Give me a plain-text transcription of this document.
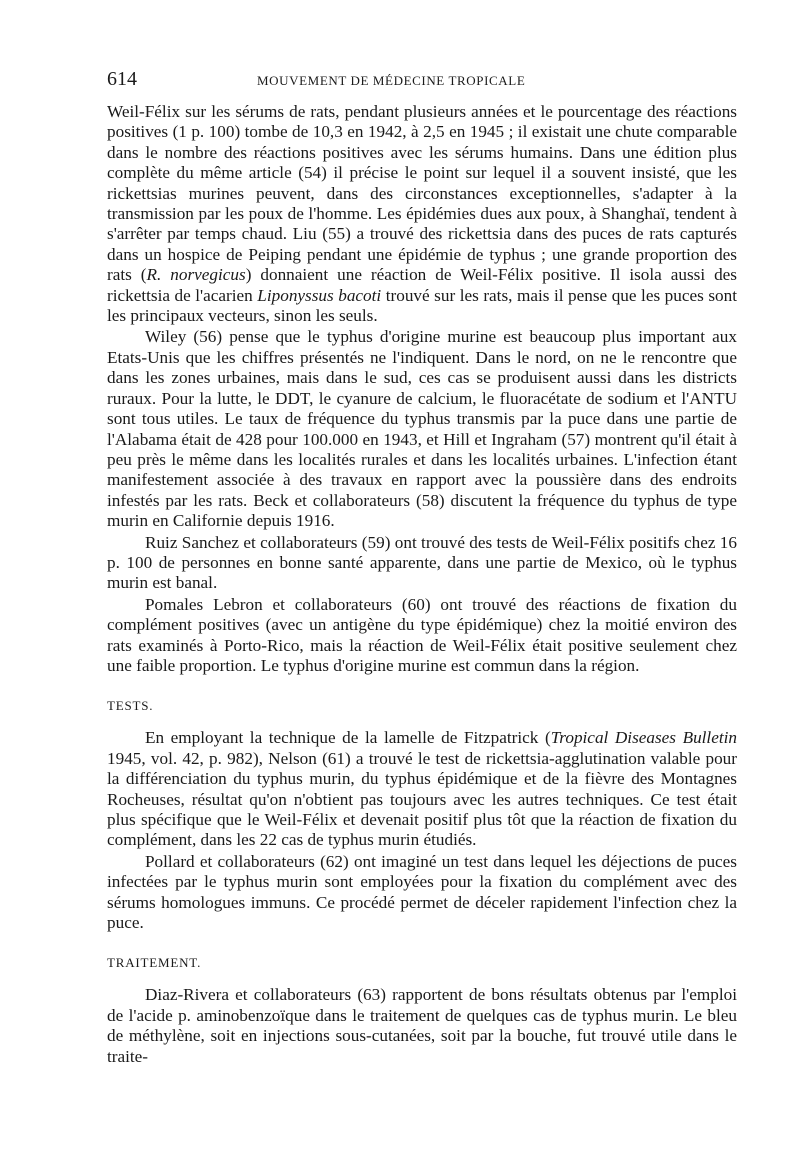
614	MOUVEMENT DE MÉDECINE TROPICALE

Weil-Félix sur les sérums de rats, pendant plusieurs années et le pourcentage des réactions positives (1 p. 100) tombe de 10,3 en 1942, à 2,5 en 1945 ; il existait une chute comparable dans le nombre des réactions positives avec les sérums humains. Dans une édition plus complète du même article (54) il précise le point sur lequel il a souvent insisté, que les rickettsias murines peuvent, dans des circonstances exceptionnelles, s'adapter à la transmission par les poux de l'homme. Les épidémies dues aux poux, à Shanghaï, tendent à s'arrêter par temps chaud. Liu (55) a trouvé des rickettsia dans des puces de rats capturés dans un hospice de Peiping pendant une épidémie de typhus ; une grande proportion des rats (R. norvegicus) donnaient une réaction de Weil-Félix positive. Il isola aussi des rickettsia de l'acarien Liponyssus bacoti trouvé sur les rats, mais il pense que les puces sont les principaux vecteurs, sinon les seuls.

Wiley (56) pense que le typhus d'origine murine est beaucoup plus important aux Etats-Unis que les chiffres présentés ne l'indiquent. Dans le nord, on ne le rencontre que dans les zones urbaines, mais dans le sud, ces cas se produisent aussi dans les districts ruraux. Pour la lutte, le DDT, le cyanure de calcium, le fluoracétate de sodium et l'ANTU sont tous utiles. Le taux de fréquence du typhus transmis par la puce dans une partie de l'Alabama était de 428 pour 100.000 en 1943, et Hill et Ingraham (57) montrent qu'il était à peu près le même dans les localités rurales et dans les localités urbaines. L'infection étant manifestement associée à des travaux en rapport avec la poussière dans des endroits infestés par les rats. Beck et collaborateurs (58) discutent la fréquence du typhus de type murin en Californie depuis 1916.

Ruiz Sanchez et collaborateurs (59) ont trouvé des tests de Weil-Félix positifs chez 16 p. 100 de personnes en bonne santé apparente, dans une partie de Mexico, où le typhus murin est banal.

Pomales Lebron et collaborateurs (60) ont trouvé des réactions de fixation du complément positives (avec un antigène du type épidémique) chez la moitié environ des rats examinés à Porto-Rico, mais la réaction de Weil-Félix était positive seulement chez une faible proportion. Le typhus d'origine murine est commun dans la région.

TESTS.

En employant la technique de la lamelle de Fitzpatrick (Tropical Diseases Bulletin 1945, vol. 42, p. 982), Nelson (61) a trouvé le test de rickettsia-agglutination valable pour la différenciation du typhus murin, du typhus épidémique et de la fièvre des Montagnes Rocheuses, résultat qu'on n'obtient pas toujours avec les autres techniques. Ce test était plus spécifique que le Weil-Félix et devenait positif plus tôt que la réaction de fixation du complément, dans les 22 cas de typhus murin étudiés.

Pollard et collaborateurs (62) ont imaginé un test dans lequel les déjections de puces infectées par le typhus murin sont employées pour la fixation du complément avec des sérums homologues immuns. Ce procédé permet de déceler rapidement l'infection chez la puce.

TRAITEMENT.

Diaz-Rivera et collaborateurs (63) rapportent de bons résultats obtenus par l'emploi de l'acide p. aminobenzoïque dans le traitement de quelques cas de typhus murin. Le bleu de méthylène, soit en injections sous-cutanées, soit par la bouche, fut trouvé utile dans le traite-
